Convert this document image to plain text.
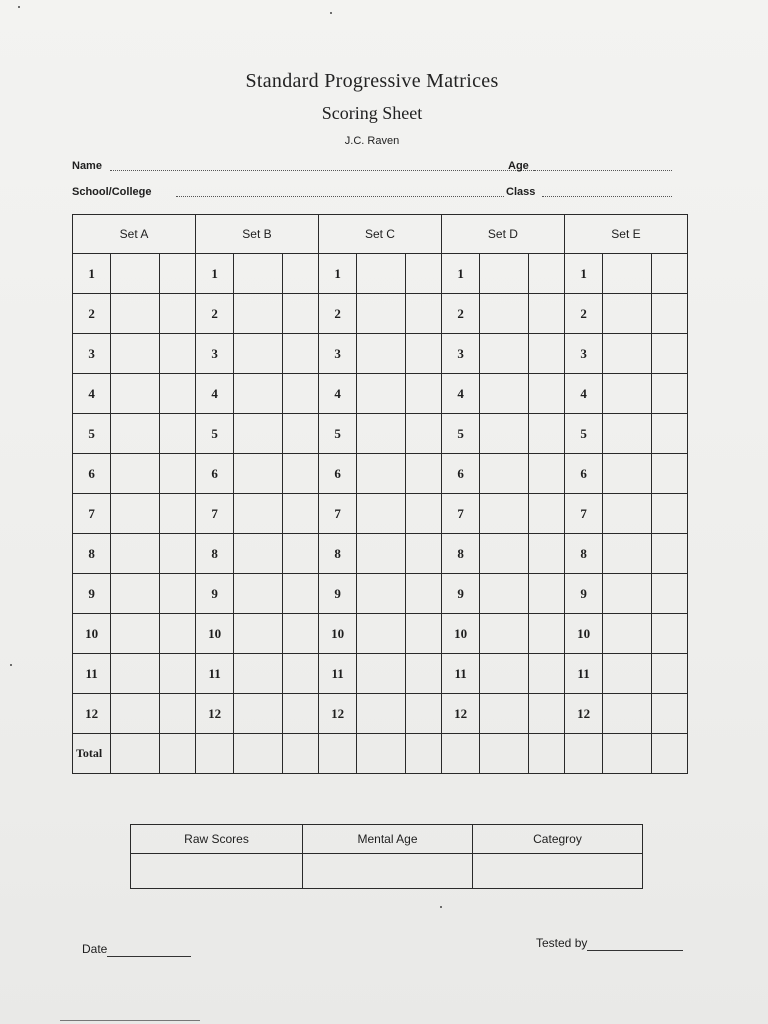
Standard Progressive Matrices
Scoring Sheet
J.C. Raven
Name	Age
School/College	Class
Set A			Set B			Set C			Set D			Set E		
1			1			1			1			1		
2			2			2			2			2		
3			3			3			3			3		
4			4			4			4			4		
5			5			5			5			5		
6			6			6			6			6		
7			7			7			7			7		
8			8			8			8			8		
9			9			9			9			9		
10			10			10			10			10		
11			11			11			11			11		
12			12			12			12			12		
Total														
Raw Scores	Mental Age	Categroy

Date	Tested by
